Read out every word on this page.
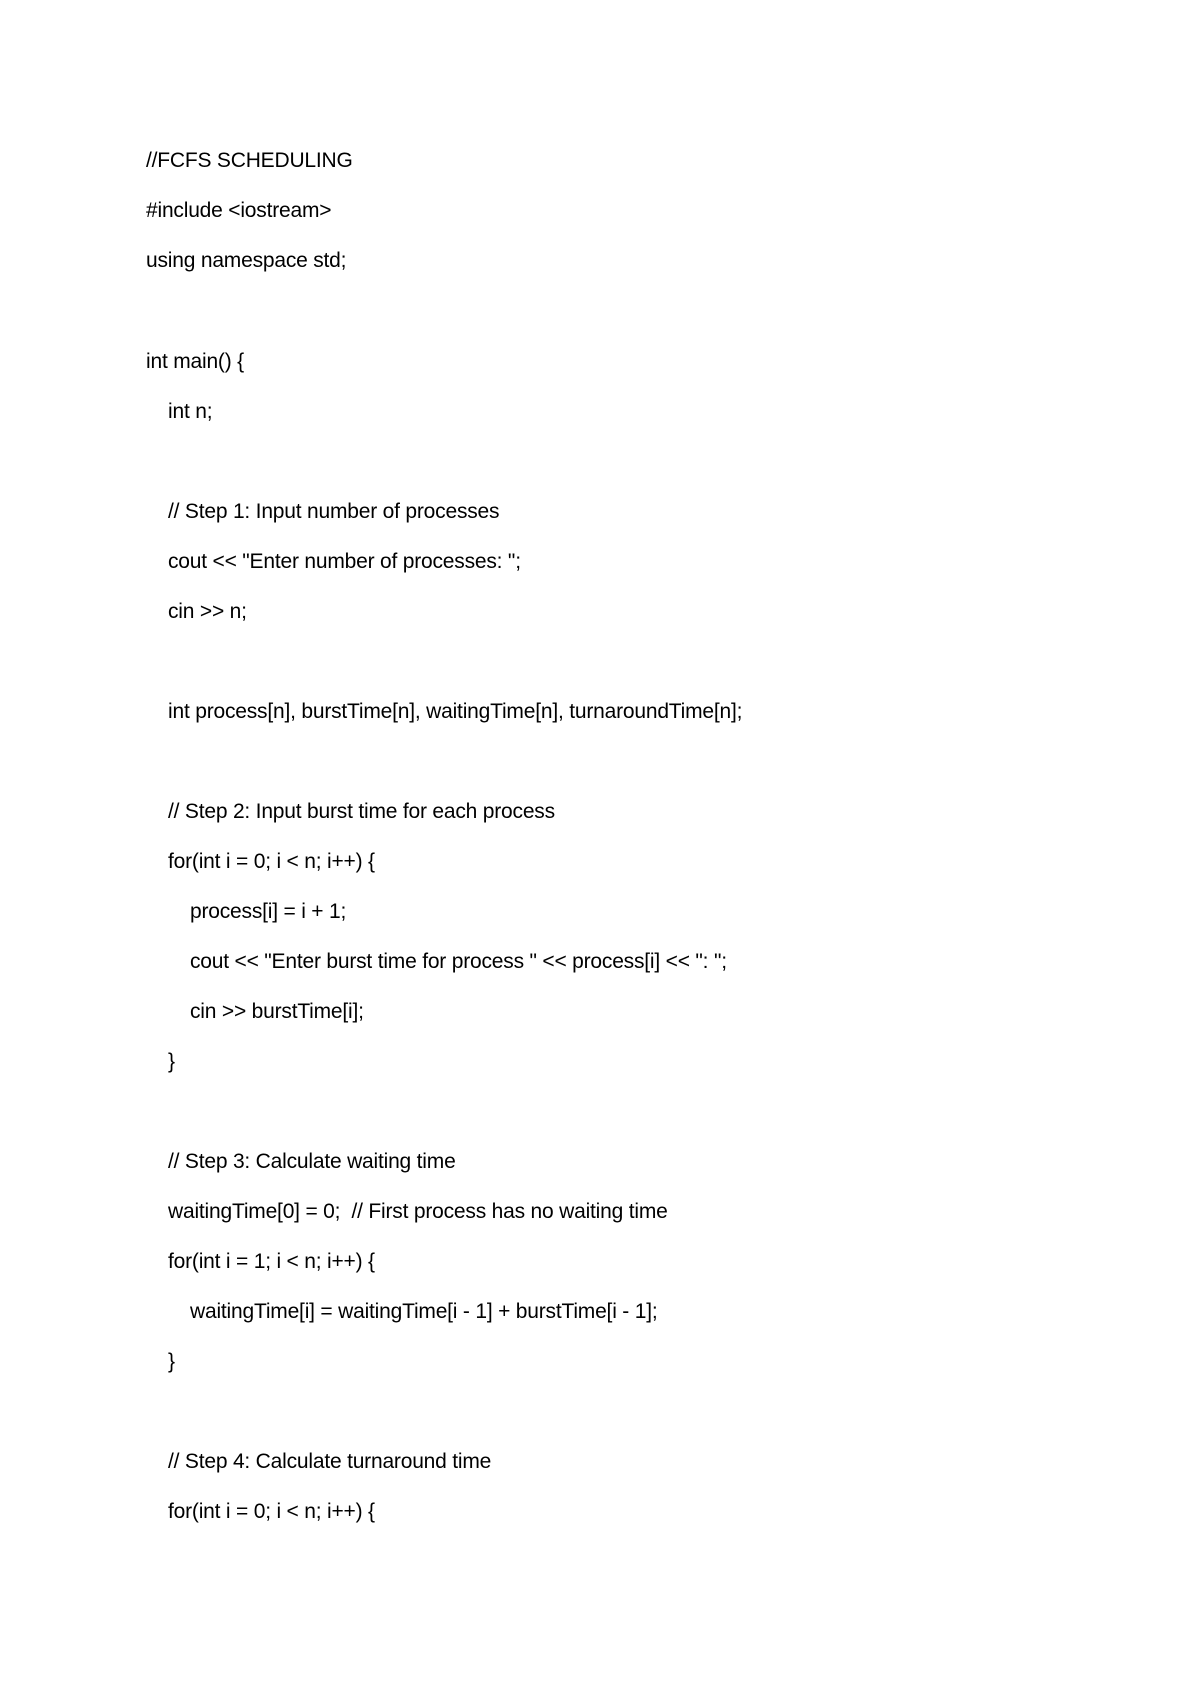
//FCFS SCHEDULING
#include <iostream>
using namespace std;
int main() {
int n;
// Step 1: Input number of processes
cout << "Enter number of processes: ";
cin >> n;
int process[n], burstTime[n], waitingTime[n], turnaroundTime[n];
// Step 2: Input burst time for each process
for(int i = 0; i < n; i++) {
process[i] = i + 1;
cout << "Enter burst time for process " << process[i] << ": ";
cin >> burstTime[i];
}
// Step 3: Calculate waiting time
waitingTime[0] = 0;  // First process has no waiting time
for(int i = 1; i < n; i++) {
waitingTime[i] = waitingTime[i - 1] + burstTime[i - 1];
}
// Step 4: Calculate turnaround time
for(int i = 0; i < n; i++) {
